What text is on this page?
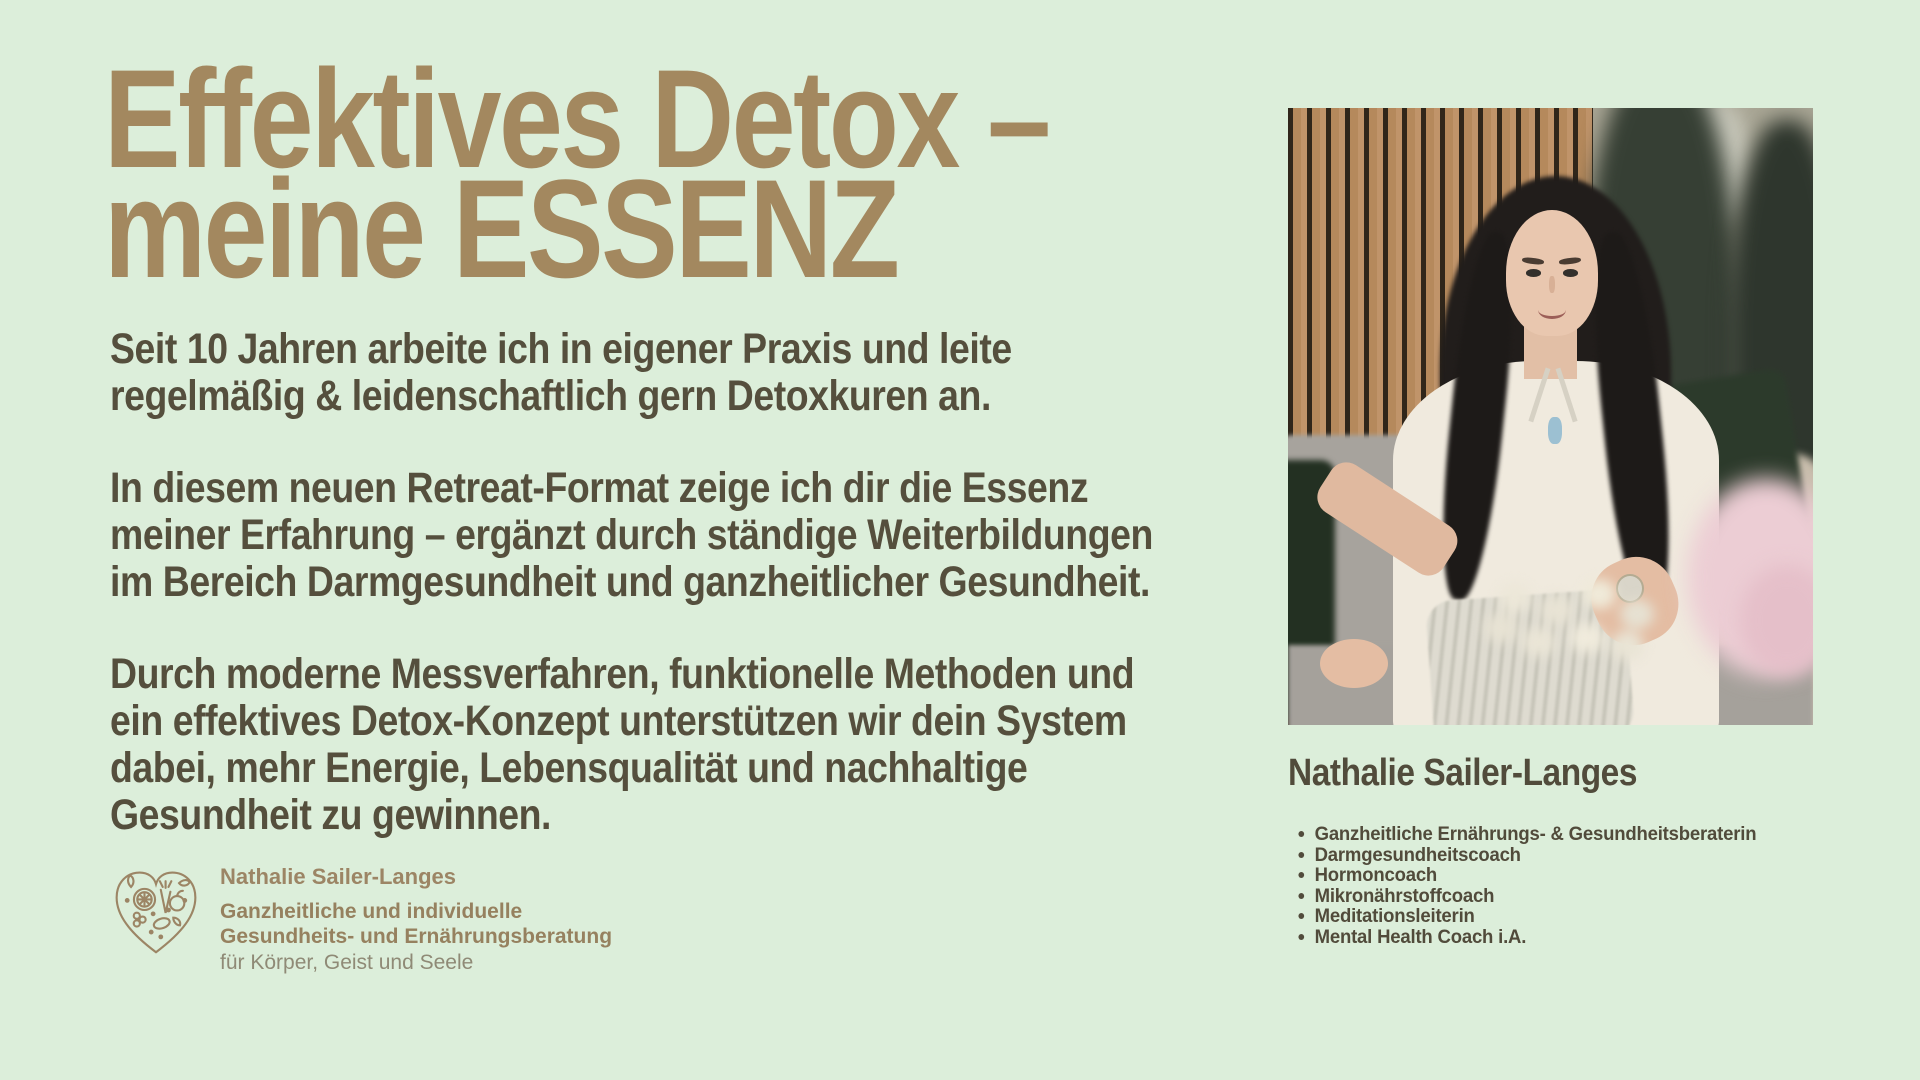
Effektives Detox –
meine ESSENZ

Seit 10 Jahren arbeite ich in eigener Praxis und leite
regelmäßig & leidenschaftlich gern Detoxkuren an.

In diesem neuen Retreat-Format zeige ich dir die Essenz
meiner Erfahrung – ergänzt durch ständige Weiterbildungen
im Bereich Darmgesundheit und ganzheitlicher Gesundheit.

Durch moderne Messverfahren, funktionelle Methoden und
ein effektives Detox-Konzept unterstützen wir dein System
dabei, mehr Energie, Lebensqualität und nachhaltige
Gesundheit zu gewinnen.

Nathalie Sailer-Langes
Ganzheitliche und individuelle
Gesundheits- und Ernährungsberatung
für Körper, Geist und Seele
Nathalie Sailer-Langes
Ganzheitliche Ernährungs- & Gesundheitsberaterin
Darmgesundheitscoach
Hormoncoach
Mikronährstoffcoach
Meditationsleiterin
Mental Health Coach i.A.
